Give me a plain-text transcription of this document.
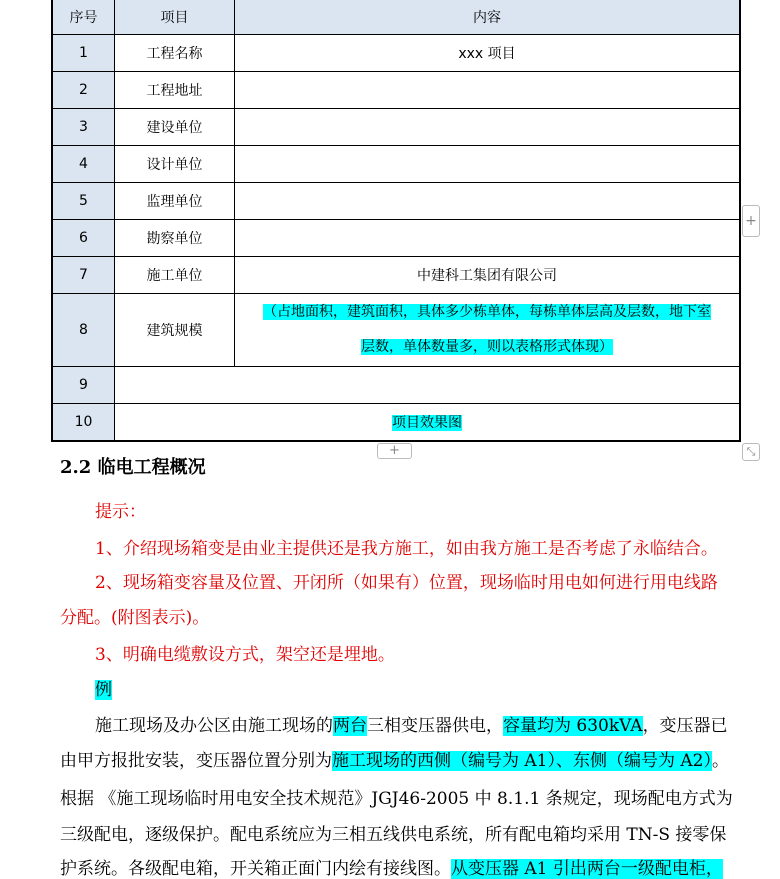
序号	项目	内容
1	工程名称	xxx 项目
2	工程地址	
3	建设单位	
4	设计单位	
5	监理单位	
6	勘察单位	
7	施工单位	中建科工集团有限公司
8	建筑规模	（占地面积，建筑面积，具体多少栋单体，每栋单体层高及层数，地下室
层数，单体数量多，则以表格形式体现）
9		
10	项目效果图	
+
+	⤡
2.2 临电工程概况
提示：
1、介绍现场箱变是由业主提供还是我方施工，如由我方施工是否考虑了永临结合。
2、现场箱变容量及位置、开闭所（如果有）位置，现场临时用电如何进行用电线路
分配。(附图表示)。
3、明确电缆敷设方式，架空还是埋地。
例
施工现场及办公区由施工现场的两台三相变压器供电，容量均为 630kVA，变压器已
由甲方报批安装，变压器位置分别为施工现场的西侧（编号为 A1）、东侧（编号为 A2）。
根据 《施工现场临时用电安全技术规范》JGJ46-2005 中 8.1.1 条规定，现场配电方式为
三级配电，逐级保护。配电系统应为三相五线供电系统，所有配电箱均采用 TN-S 接零保
护系统。各级配电箱，开关箱正面门内绘有接线图。从变压器 A1 引出两台一级配电柜，
